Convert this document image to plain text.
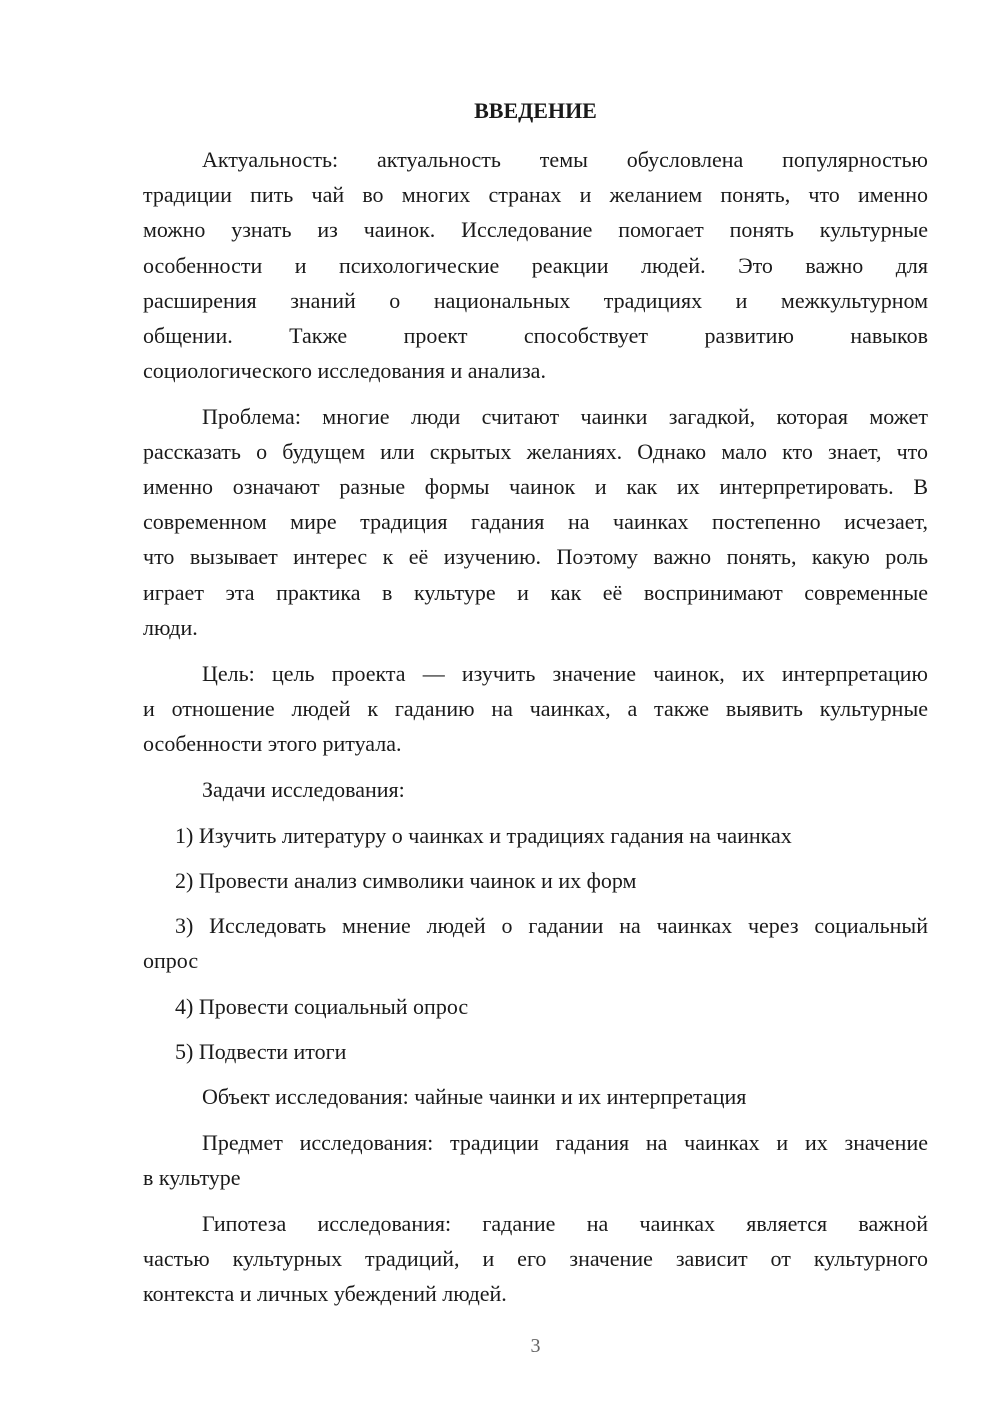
ВВЕДЕНИЕ
Актуальность: актуальность темы обусловлена популярностью
традиции пить чай во многих странах и желанием понять, что именно
можно узнать из чаинок. Исследование помогает понять культурные
особенности и психологические реакции людей. Это важно для
расширения знаний о национальных традициях и межкультурном
общении. Также проект способствует развитию навыков
социологического исследования и анализа.
Проблема: многие люди считают чаинки загадкой, которая может
рассказать о будущем или скрытых желаниях. Однако мало кто знает, что
именно означают разные формы чаинок и как их интерпретировать. В
современном мире традиция гадания на чаинках постепенно исчезает,
что вызывает интерес к её изучению. Поэтому важно понять, какую роль
играет эта практика в культуре и как её воспринимают современные
люди.
Цель: цель проекта — изучить значение чаинок, их интерпретацию
и отношение людей к гаданию на чаинках, а также выявить культурные
особенности этого ритуала.
Задачи исследования:
1) Изучить литературу о чаинках и традициях гадания на чаинках
2) Провести анализ символики чаинок и их форм
3) Исследовать мнение людей о гадании на чаинках через социальный
опрос
4) Провести социальный опрос
5) Подвести итоги
Объект исследования: чайные чаинки и их интерпретация
Предмет исследования: традиции гадания на чаинках и их значение
в культуре
Гипотеза исследования: гадание на чаинках является важной
частью культурных традиций, и его значение зависит от культурного
контекста и личных убеждений людей.
3
